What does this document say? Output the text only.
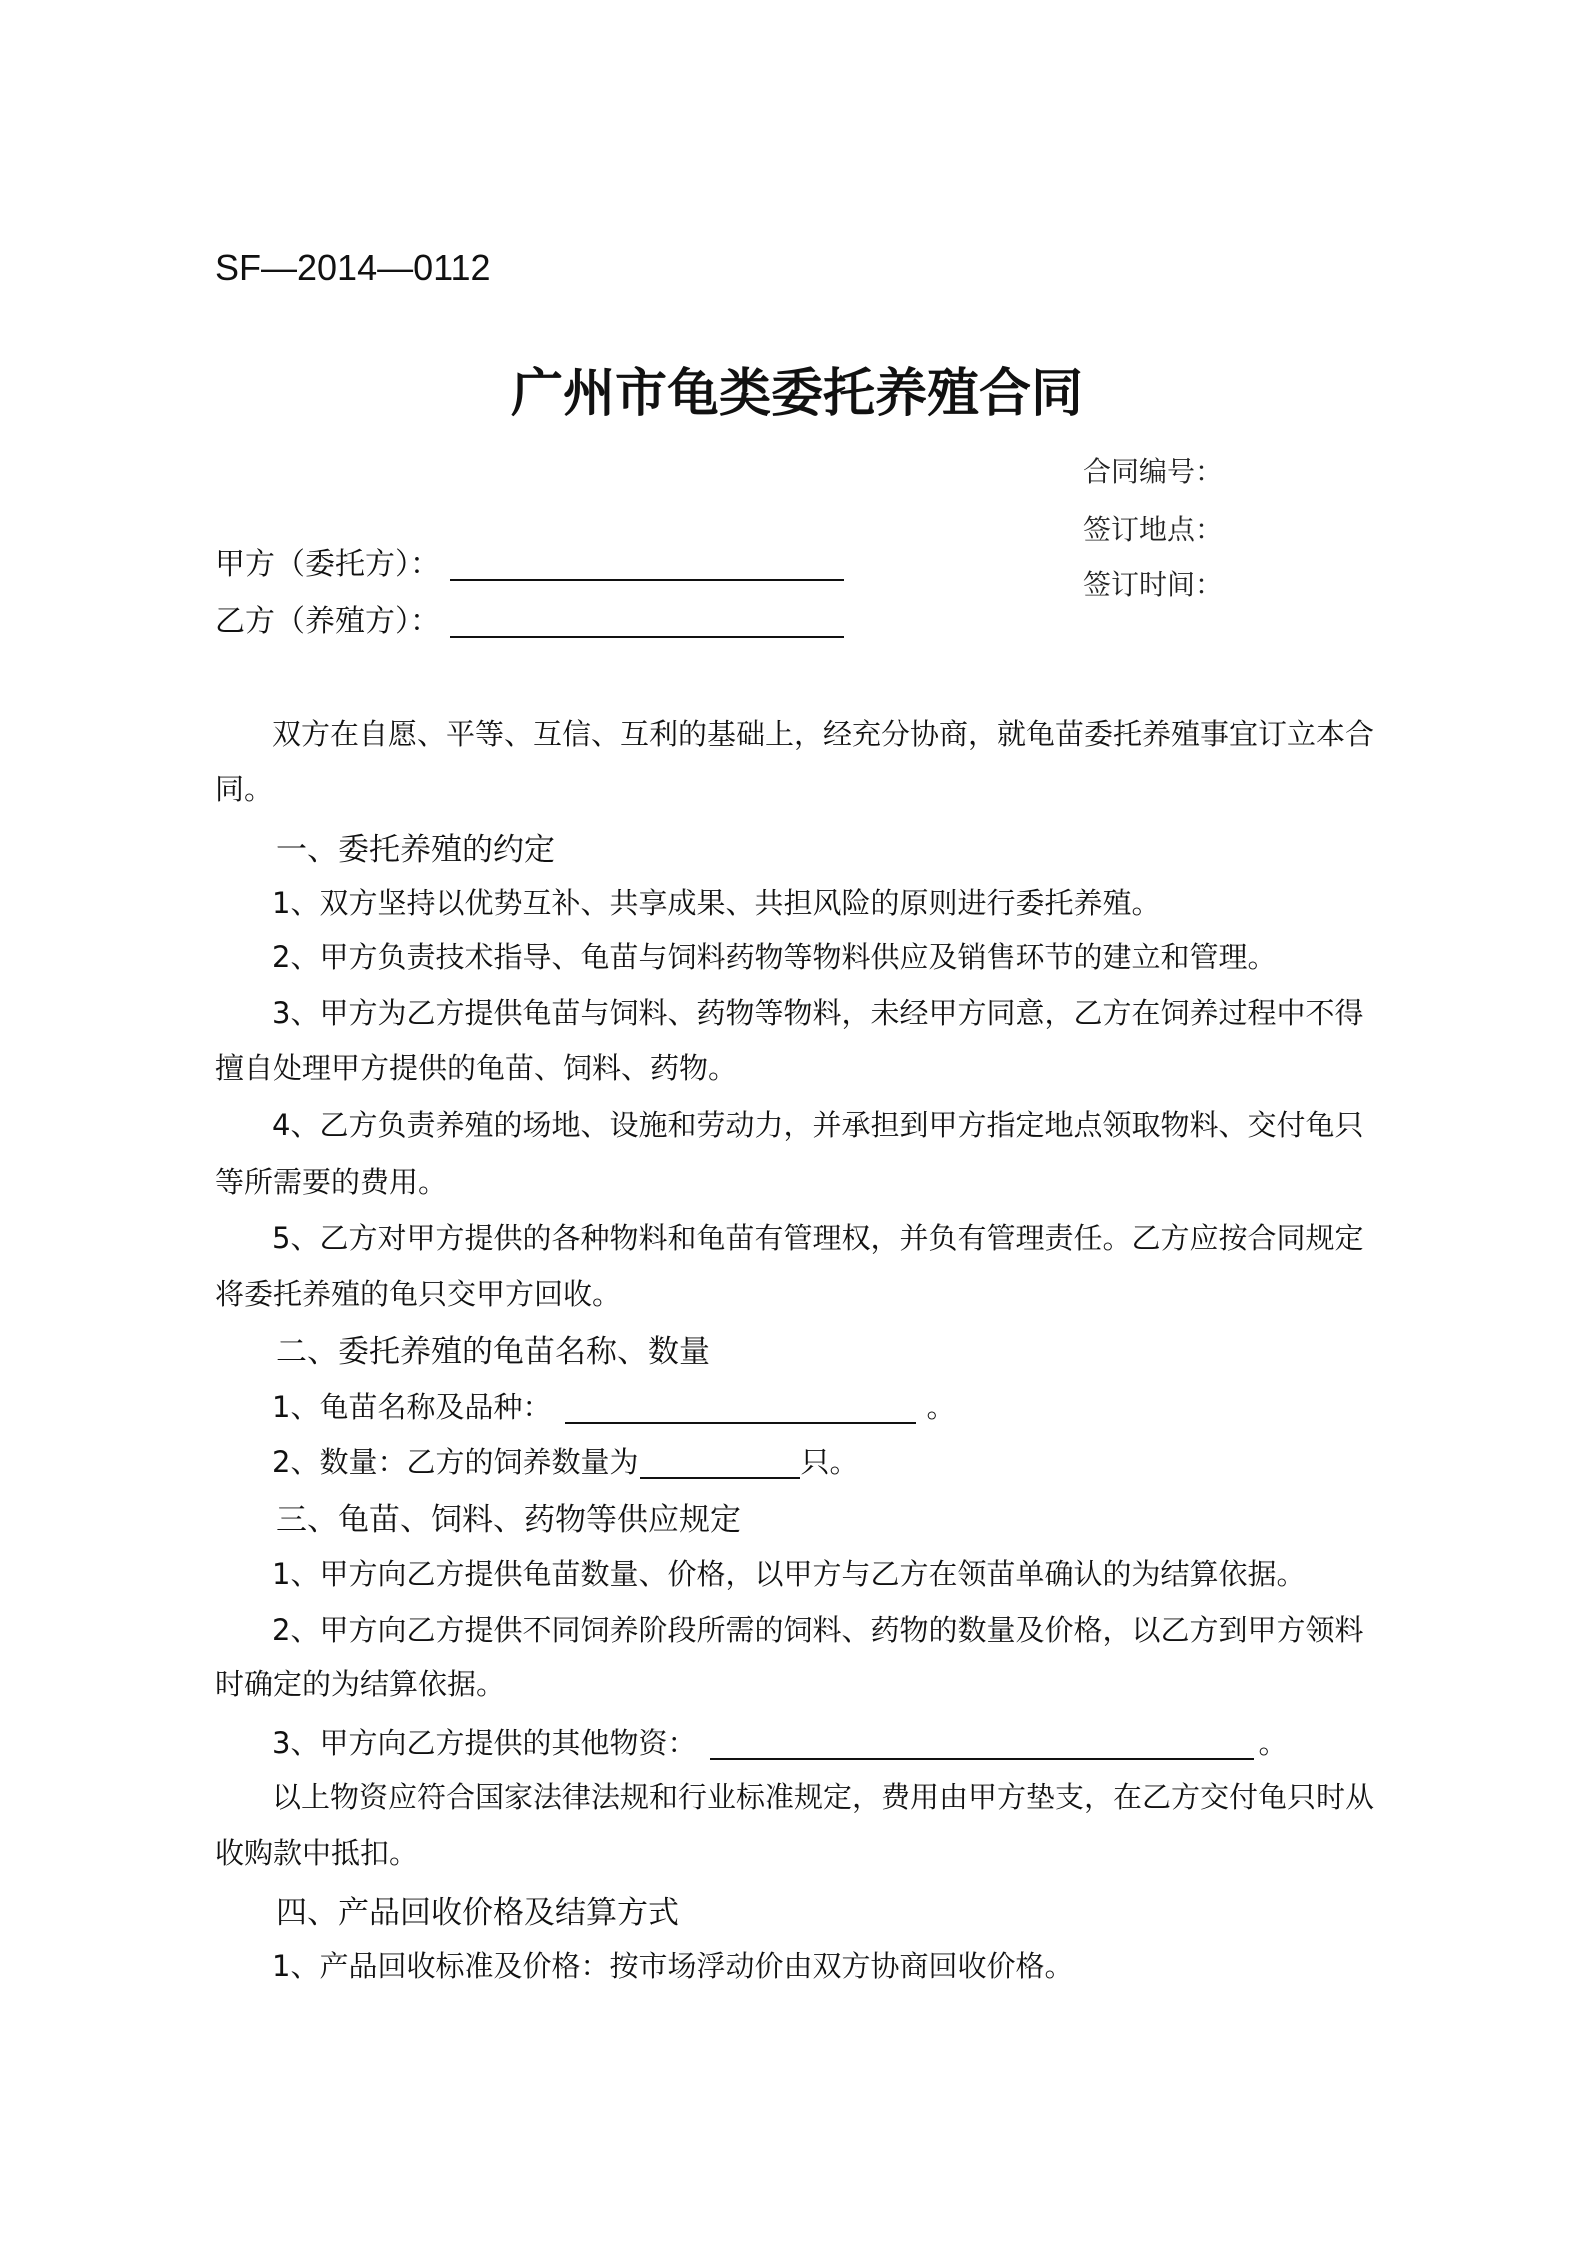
SF—2014—0112
广州市龟类委托养殖合同
合同编号：
签订地点：
签订时间：
甲方（委托方）：
乙方（养殖方）：
双方在自愿、平等、互信、互利的基础上，经充分协商，就龟苗委托养殖事宜订立本合
同。
一、委托养殖的约定
1、双方坚持以优势互补、共享成果、共担风险的原则进行委托养殖。
2、甲方负责技术指导、龟苗与饲料药物等物料供应及销售环节的建立和管理。
3、甲方为乙方提供龟苗与饲料、药物等物料，未经甲方同意，乙方在饲养过程中不得
擅自处理甲方提供的龟苗、饲料、药物。
4、乙方负责养殖的场地、设施和劳动力，并承担到甲方指定地点领取物料、交付龟只
等所需要的费用。
5、乙方对甲方提供的各种物料和龟苗有管理权，并负有管理责任。乙方应按合同规定
将委托养殖的龟只交甲方回收。
二、委托养殖的龟苗名称、数量
1、龟苗名称及品种：	。
2、数量：乙方的饲养数量为	只。
三、龟苗、饲料、药物等供应规定
1、甲方向乙方提供龟苗数量、价格，以甲方与乙方在领苗单确认的为结算依据。
2、甲方向乙方提供不同饲养阶段所需的饲料、药物的数量及价格，以乙方到甲方领料
时确定的为结算依据。
3、甲方向乙方提供的其他物资：	。
以上物资应符合国家法律法规和行业标准规定，费用由甲方垫支，在乙方交付龟只时从
收购款中抵扣。
四、产品回收价格及结算方式
1、产品回收标准及价格：按市场浮动价由双方协商回收价格。
